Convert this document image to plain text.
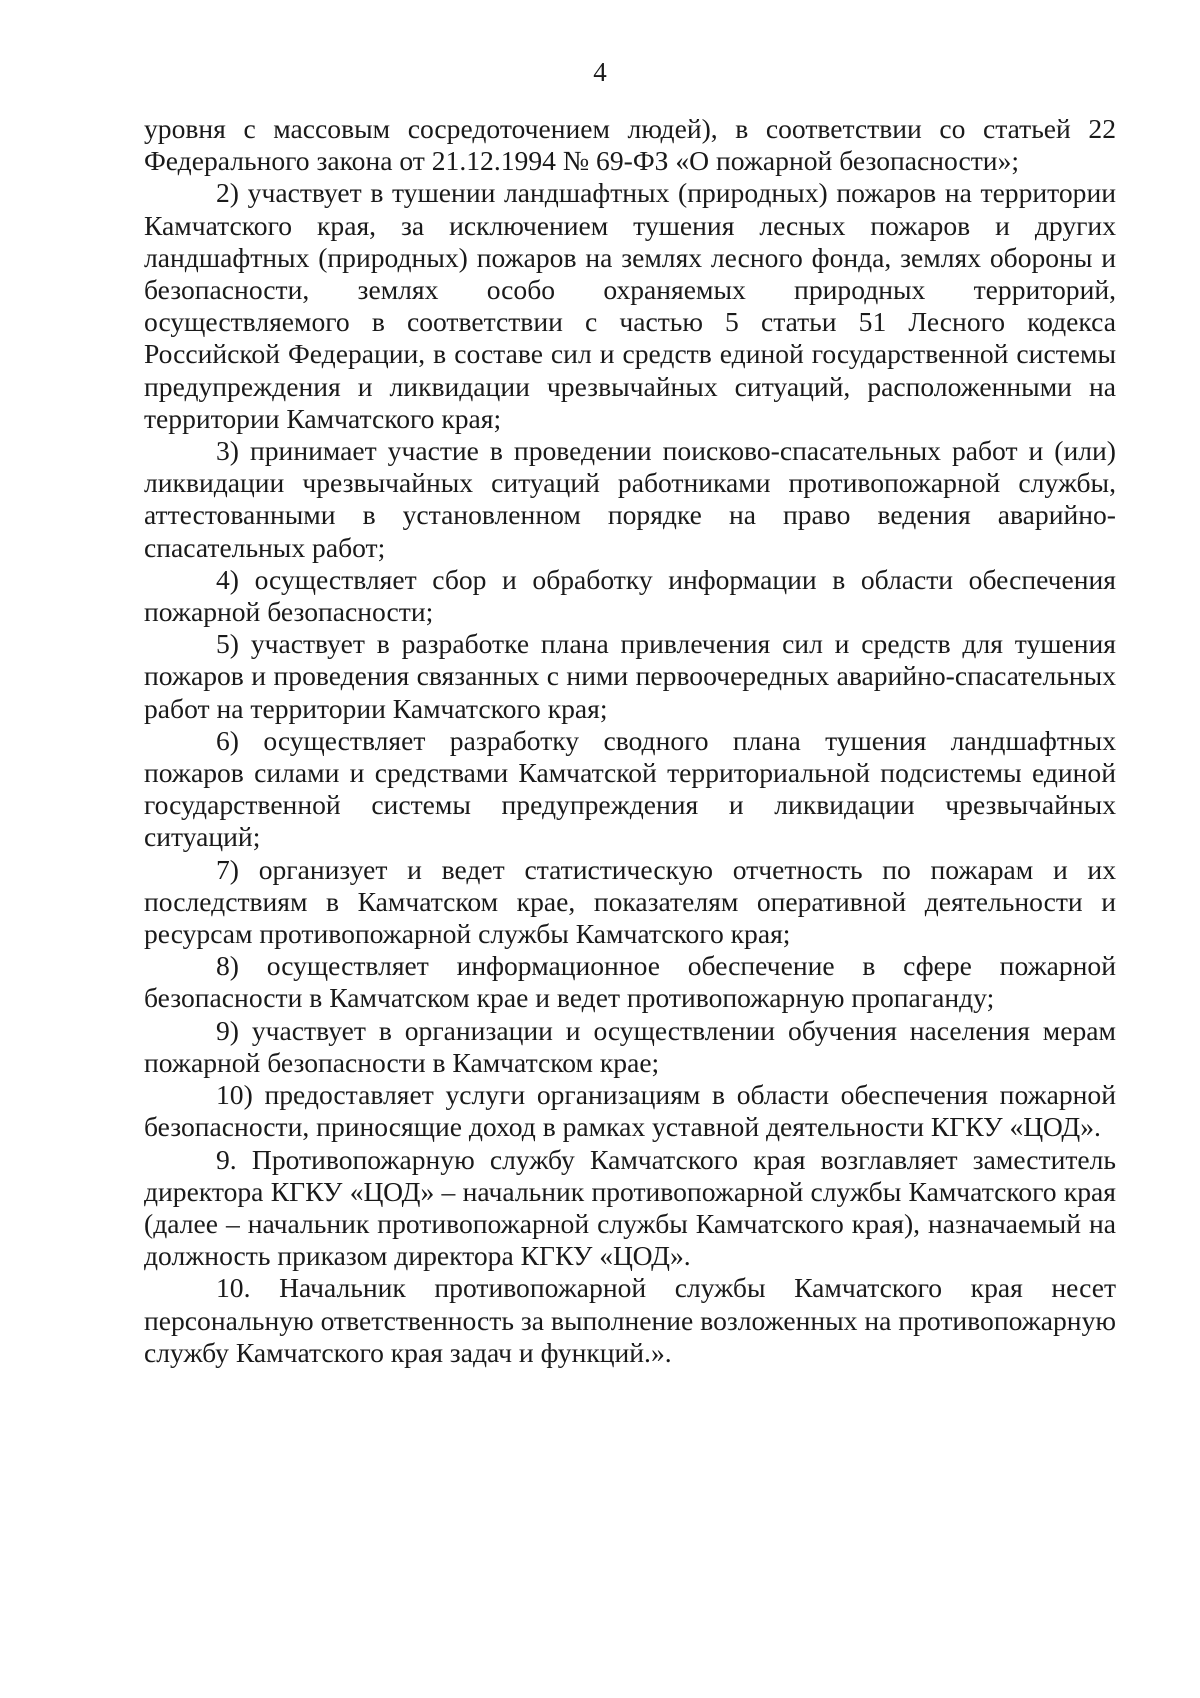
4

уровня с массовым сосредоточением людей), в соответствии со статьей 22 Федерального закона от 21.12.1994 № 69-ФЗ «О пожарной безопасности»;

2) участвует в тушении ландшафтных (природных) пожаров на территории Камчатского края, за исключением тушения лесных пожаров и других ландшафтных (природных) пожаров на землях лесного фонда, землях обороны и безопасности, землях особо охраняемых природных территорий, осуществляемого в соответствии с частью 5 статьи 51 Лесного кодекса Российской Федерации, в составе сил и средств единой государственной системы предупреждения и ликвидации чрезвычайных ситуаций, расположенными на территории Камчатского края;

3) принимает участие в проведении поисково-спасательных работ и (или) ликвидации чрезвычайных ситуаций работниками противопожарной службы, аттестованными в установленном порядке на право ведения аварийно-спасательных работ;

4) осуществляет сбор и обработку информации в области обеспечения пожарной безопасности;

5) участвует в разработке плана привлечения сил и средств для тушения пожаров и проведения связанных с ними первоочередных аварийно-спасательных работ на территории Камчатского края;

6) осуществляет разработку сводного плана тушения ландшафтных пожаров силами и средствами Камчатской территориальной подсистемы единой государственной системы предупреждения и ликвидации чрезвычайных ситуаций;

7) организует и ведет статистическую отчетность по пожарам и их последствиям в Камчатском крае, показателям оперативной деятельности и ресурсам противопожарной службы Камчатского края;

8) осуществляет информационное обеспечение в сфере пожарной безопасности в Камчатском крае и ведет противопожарную пропаганду;

9) участвует в организации и осуществлении обучения населения мерам пожарной безопасности в Камчатском крае;

10) предоставляет услуги организациям в области обеспечения пожарной безопасности, приносящие доход в рамках уставной деятельности КГКУ «ЦОД».

9. Противопожарную службу Камчатского края возглавляет заместитель директора КГКУ «ЦОД» – начальник противопожарной службы Камчатского края (далее – начальник противопожарной службы Камчатского края), назначаемый на должность приказом директора КГКУ «ЦОД».

10. Начальник противопожарной службы Камчатского края несет персональную ответственность за выполнение возложенных на противопожарную службу Камчатского края задач и функций.».
